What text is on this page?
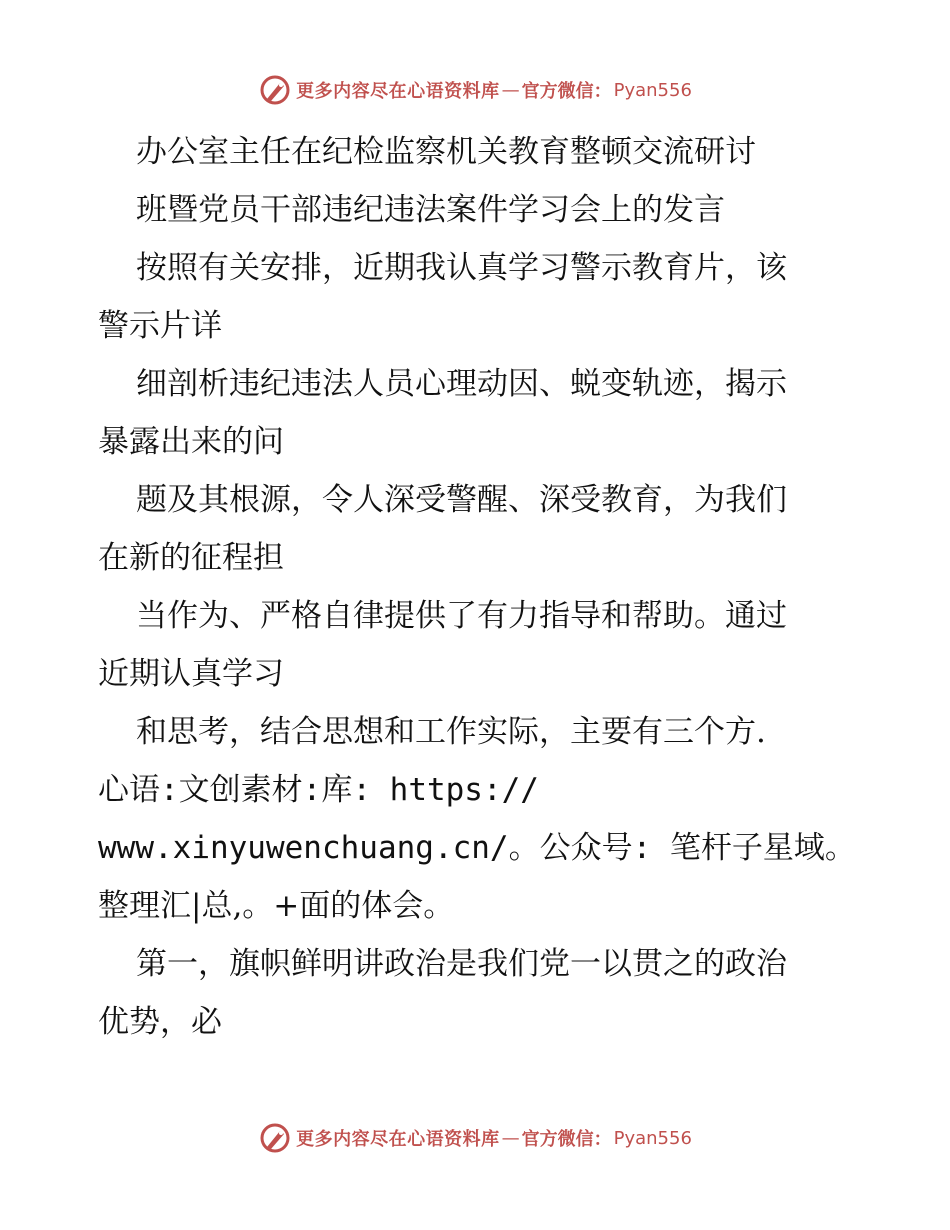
更多内容尽在心语资料库 — 官方微信： Pyan556

办公室主任在纪检监察机关教育整顿交流研讨

班暨党员干部违纪违法案件学习会上的发言

按照有关安排，近期我认真学习警示教育片，该

警示片详

细剖析违纪违法人员心理动因、蜕变轨迹，揭示

暴露出来的问

题及其根源，令人深受警醒、深受教育，为我们

在新的征程担

当作为、严格自律提供了有力指导和帮助。通过

近期认真学习

和思考，结合思想和工作实际，主要有三个方.

心语:文创素材:库: https://

www.xinyuwenchuang.cn/。公众号: 笔杆子星域。

整理汇|总,。+面的体会。

第一，旗帜鲜明讲政治是我们党一以贯之的政治

优势，必

更多内容尽在心语资料库 — 官方微信： Pyan556
